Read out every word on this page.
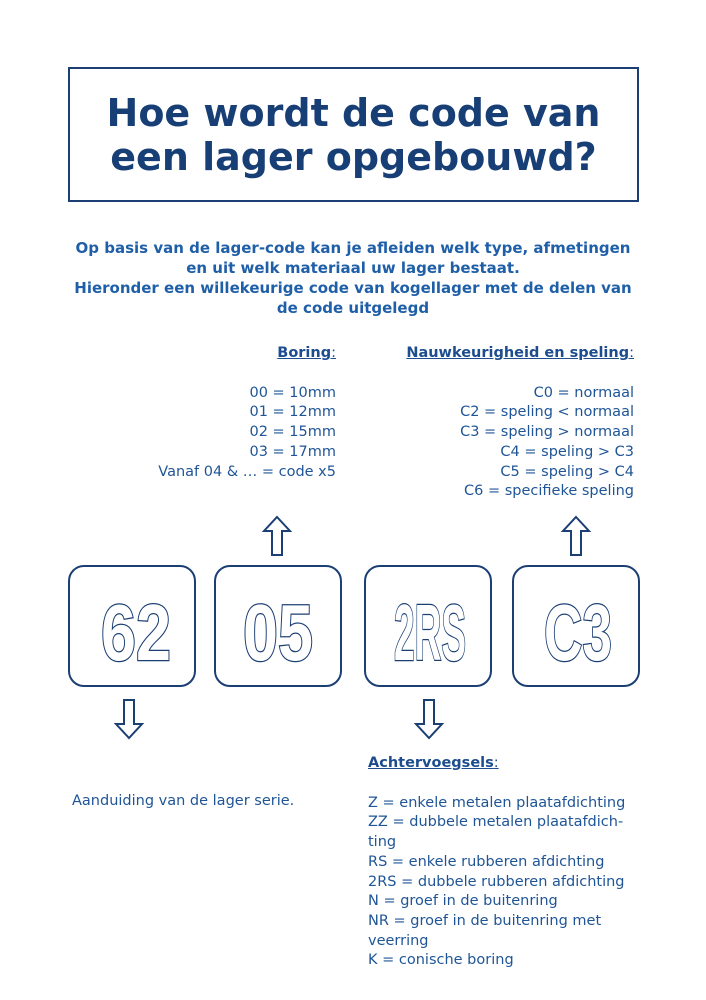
Hoe wordt de code van
een lager opgebouwd?

Op basis van de lager-code kan je afleiden welk type, afmetingen

en uit welk materiaal uw lager bestaat.

Hieronder een willekeurige code van kogellager met de delen van

de code uitgelegd

Boring:
00 = 10mm
01 = 12mm
02 = 15mm
03 = 17mm
Vanaf 04 & … = code x5
Nauwkeurigheid en speling:
C0 = normaal
C2 = speling < normaal
C3 = speling > normaal
C4 = speling > C3
C5 = speling > C4
C6 = specifieke speling
62 05 2RS C3
Aanduiding van de lager serie.
Achtervoegsels:
Z = enkele metalen plaatafdichting
ZZ = dubbele metalen plaatafdich-ting
RS = enkele rubberen afdichting
2RS = dubbele rubberen afdichting
N = groef in de buitenring
NR = groef in de buitenring met veerring
K = conische boring
